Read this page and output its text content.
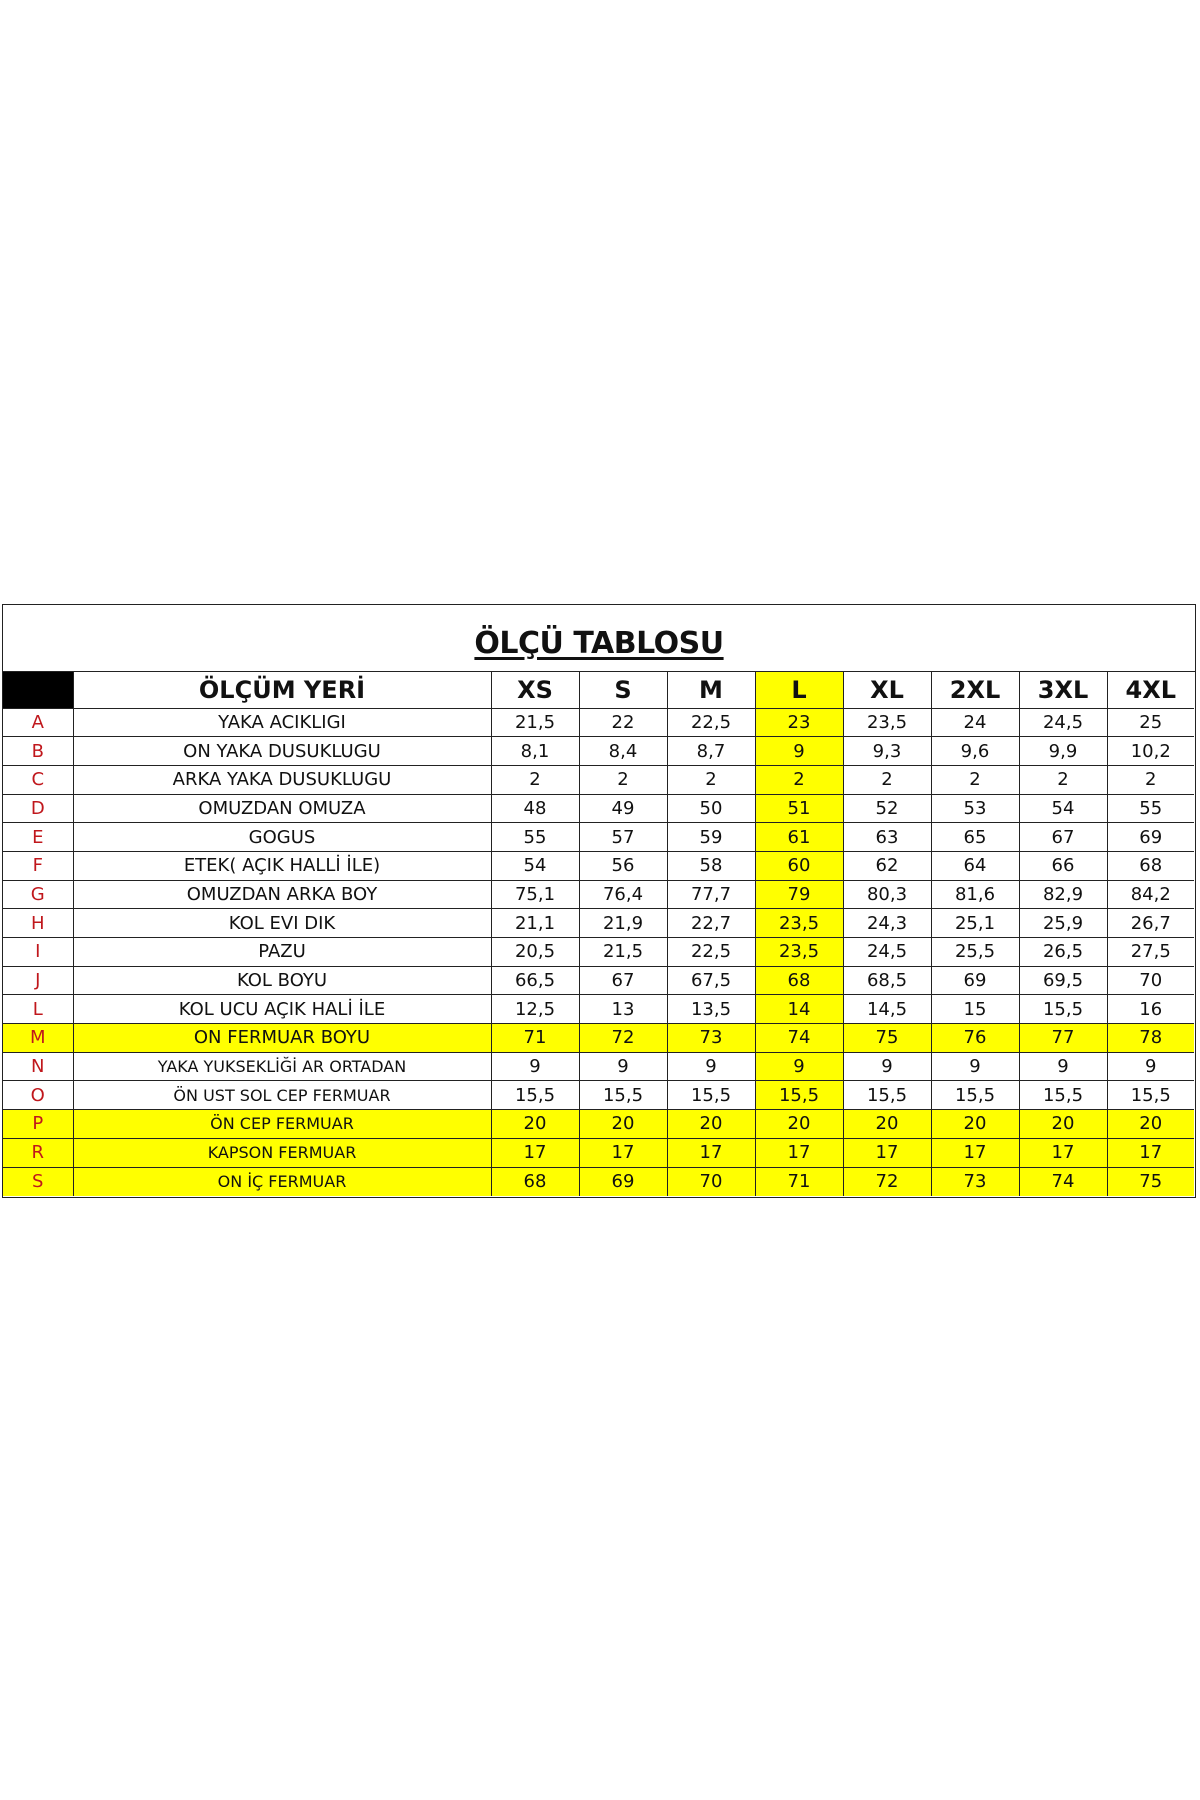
ÖLÇÜ TABLOSU
	ÖLÇÜM YERİ	XS	S	M	L	XL	2XL	3XL	4XL
A	YAKA ACIKLIGI	21,5	22	22,5	23	23,5	24	24,5	25
B	ON YAKA DUSUKLUGU	8,1	8,4	8,7	9	9,3	9,6	9,9	10,2
C	ARKA YAKA DUSUKLUGU	2	2	2	2	2	2	2	2
D	OMUZDAN OMUZA	48	49	50	51	52	53	54	55
E	GOGUS	55	57	59	61	63	65	67	69
F	ETEK( AÇIK HALLİ İLE)	54	56	58	60	62	64	66	68
G	OMUZDAN ARKA BOY	75,1	76,4	77,7	79	80,3	81,6	82,9	84,2
H	KOL EVI DIK	21,1	21,9	22,7	23,5	24,3	25,1	25,9	26,7
I	PAZU	20,5	21,5	22,5	23,5	24,5	25,5	26,5	27,5
J	KOL BOYU	66,5	67	67,5	68	68,5	69	69,5	70
L	KOL UCU AÇIK HALİ İLE	12,5	13	13,5	14	14,5	15	15,5	16
M	ON FERMUAR BOYU	71	72	73	74	75	76	77	78
N	YAKA YUKSEKLİĞİ AR ORTADAN	9	9	9	9	9	9	9	9
O	ÖN UST SOL CEP FERMUAR	15,5	15,5	15,5	15,5	15,5	15,5	15,5	15,5
P	ÖN CEP FERMUAR	20	20	20	20	20	20	20	20
R	KAPSON FERMUAR	17	17	17	17	17	17	17	17
S	ON İÇ FERMUAR	68	69	70	71	72	73	74	75
